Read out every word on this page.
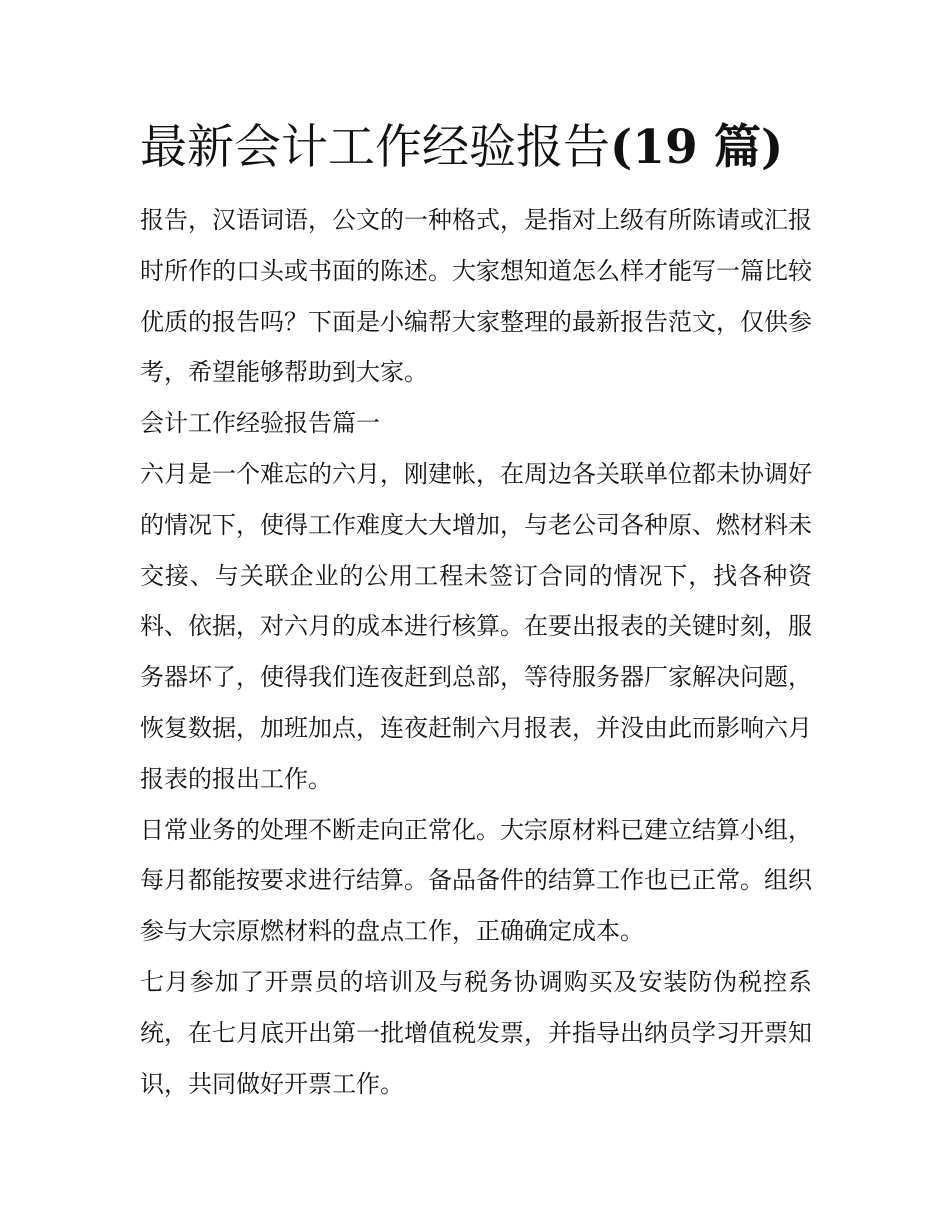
最新会计工作经验报告(19 篇)

报告，汉语词语，公文的一种格式，是指对上级有所陈请或汇报时所作的口头或书面的陈述。大家想知道怎么样才能写一篇比较优质的报告吗？下面是小编帮大家整理的最新报告范文，仅供参考，希望能够帮助到大家。

会计工作经验报告篇一

六月是一个难忘的六月，刚建帐，在周边各关联单位都未协调好的情况下，使得工作难度大大增加，与老公司各种原、燃材料未交接、与关联企业的公用工程未签订合同的情况下，找各种资料、依据，对六月的成本进行核算。在要出报表的关键时刻，服务器坏了，使得我们连夜赶到总部，等待服务器厂家解决问题，恢复数据，加班加点，连夜赶制六月报表，并没由此而影响六月报表的报出工作。

日常业务的处理不断走向正常化。大宗原材料已建立结算小组，每月都能按要求进行结算。备品备件的结算工作也已正常。组织参与大宗原燃材料的盘点工作，正确确定成本。

七月参加了开票员的培训及与税务协调购买及安装防伪税控系统，在七月底开出第一批增值税发票，并指导出纳员学习开票知识，共同做好开票工作。
